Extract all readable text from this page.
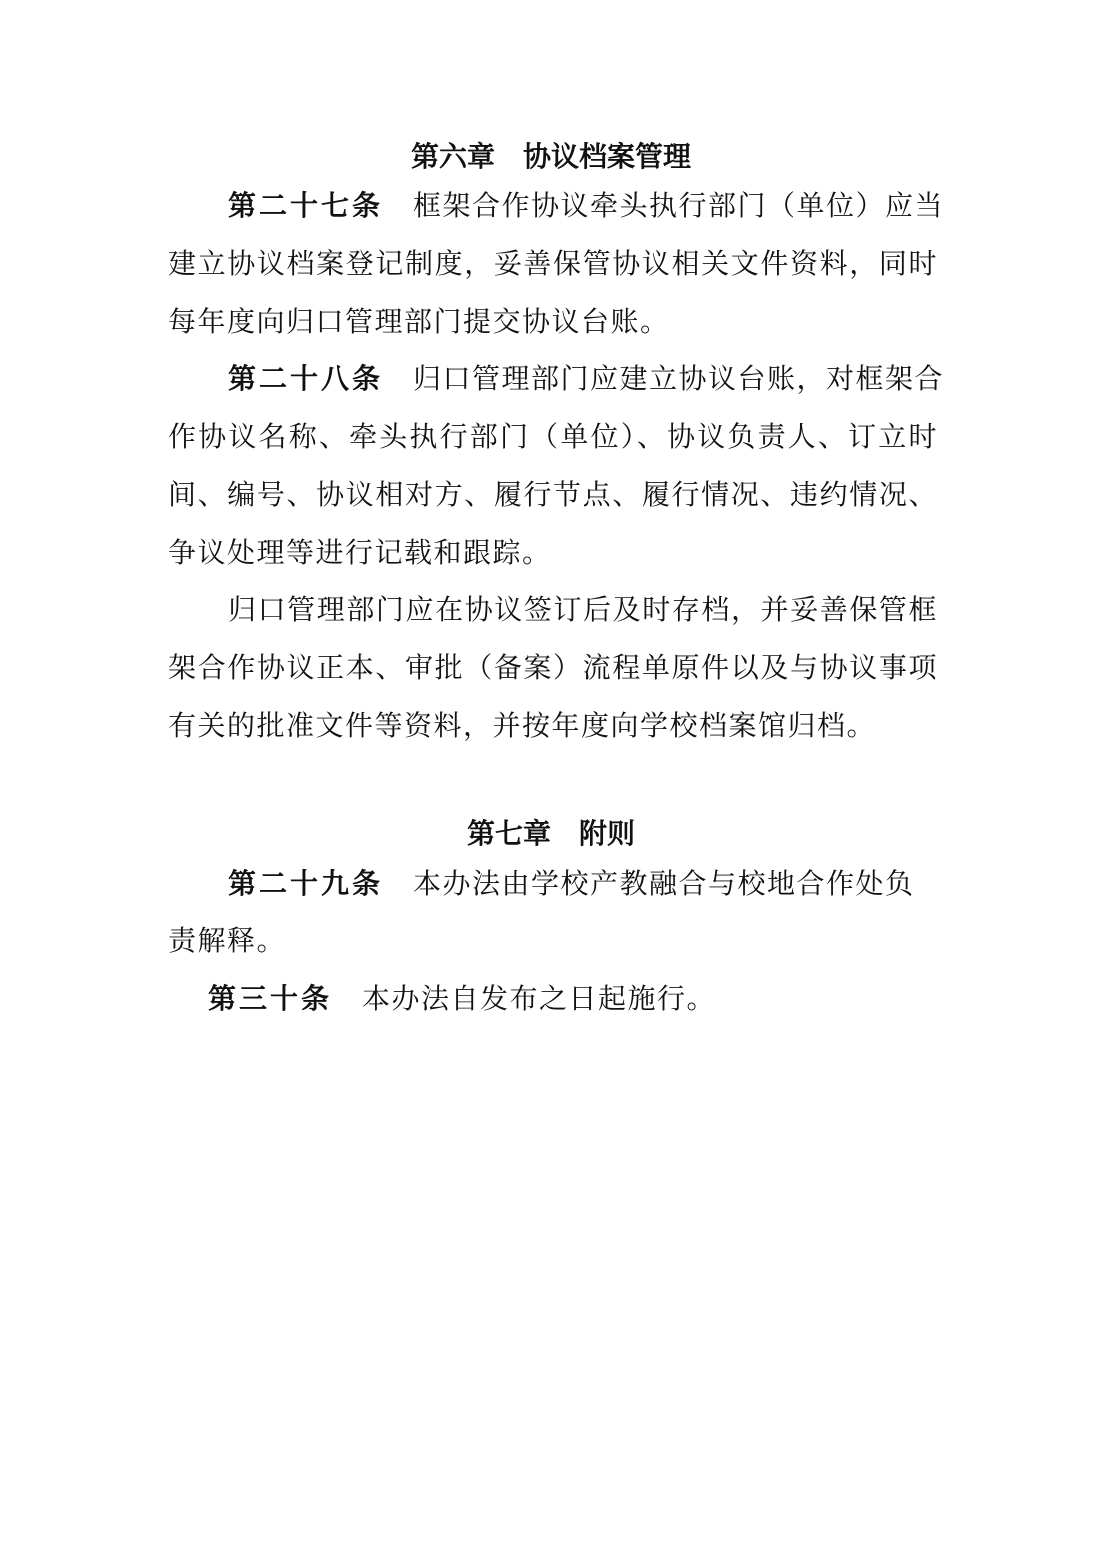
第六章　协议档案管理
第二十七条 框架合作协议牵头执行部门（单位）应当
建立协议档案登记制度，妥善保管协议相关文件资料，同时
每年度向归口管理部门提交协议台账。
第二十八条 归口管理部门应建立协议台账，对框架合
作协议名称、牵头执行部门（单位）、协议负责人、订立时
间、编号、协议相对方、履行节点、履行情况、违约情况、
争议处理等进行记载和跟踪。
归口管理部门应在协议签订后及时存档，并妥善保管框
架合作协议正本、审批（备案）流程单原件以及与协议事项
有关的批准文件等资料，并按年度向学校档案馆归档。
第七章　附则
第二十九条 本办法由学校产教融合与校地合作处负
责解释。
第三十条 本办法自发布之日起施行。
